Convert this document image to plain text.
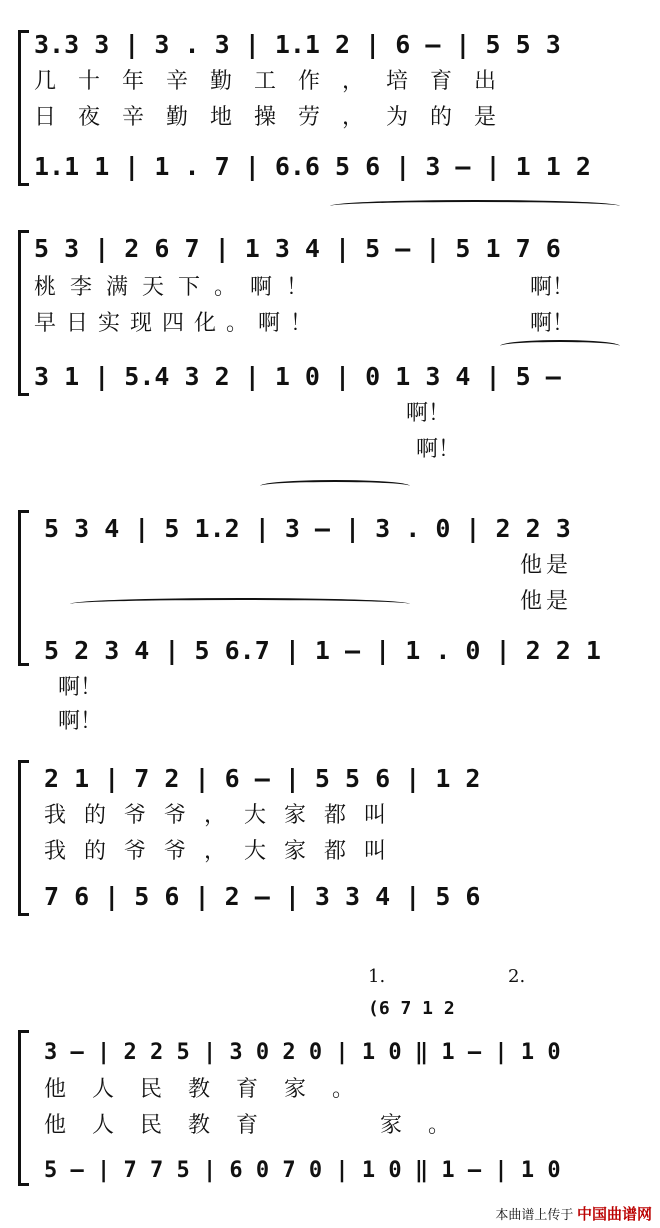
3.3 3 | 3 . 3 | 1.1 2 | 6 — | 5 5 3
几十年辛勤工作，培育出
日夜辛勤地操劳，为的是
1.1 1 | 1 . 7 | 6.6 5 6 | 3 — | 1 1 2
5 3 | 2 6 7 | 1 3 4 | 5 — | 5 1 7 6
桃李满天下。啊！	啊！
早日实现四化。啊！	啊！
3 1 | 5.4 3 2 | 1 0 | 0 1 3 4 | 5 —
啊！
啊！
5 3 4 | 5 1.2 | 3 — | 3 . 0 | 2 2 3
他是
他是
5 2 3 4 | 5 6.7 | 1 — | 1 . 0 | 2 2 1
啊！
啊！
2 1 | 7 2 | 6 — | 5 5 6 | 1 2
我的爷爷，大家都叫
我的爷爷，大家都叫
7 6 | 5 6 | 2 — | 3 3 4 | 5 6
1.	2.
(6 7 1 2
3 — | 2 2 5 | 3 0 2 0 | 1 0 ‖ 1 — | 1 0
他人民教育家。
他人民教育　　家。
5 — | 7 7 5 | 6 0 7 0 | 1 0 ‖ 1 — | 1 0
本曲谱上传于 中国曲谱网
